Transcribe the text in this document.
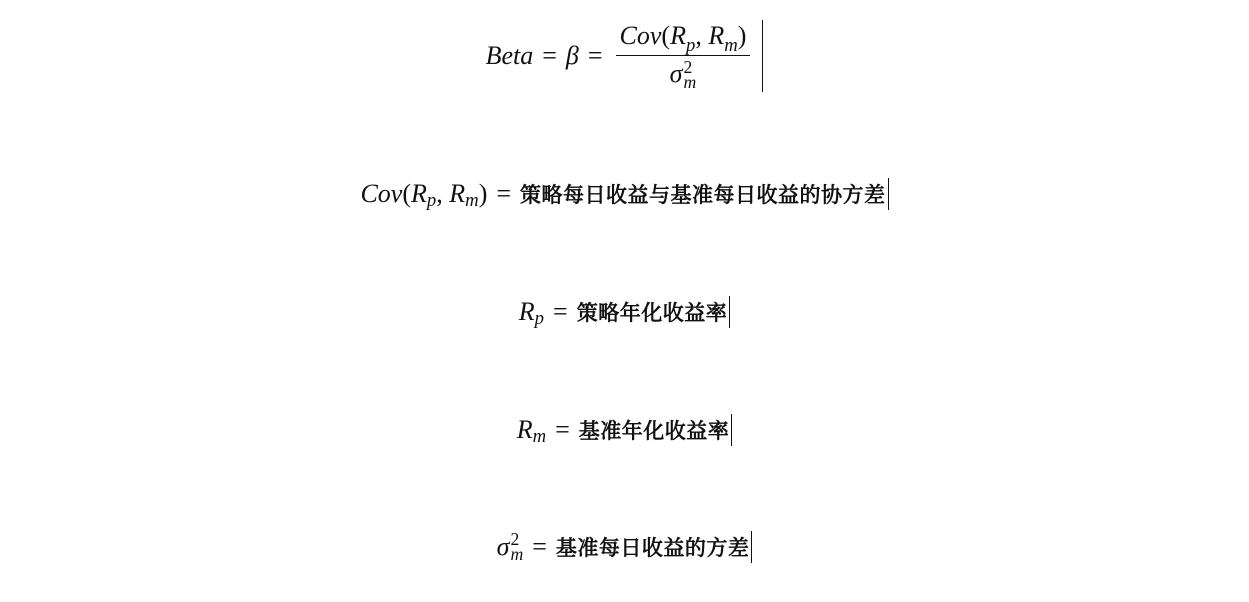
Beta = $\beta = Cov(R_p$, $R_m$)
σ 2
m
Cov ( $R_p$ ,
$R_m$ ) = 策略每日收益与基准每日收益的协方差
$R_p$ = 策略年化收益率
$R_m$ = 基准年化收益率
σ 2
m = 基准每日收益的方差
